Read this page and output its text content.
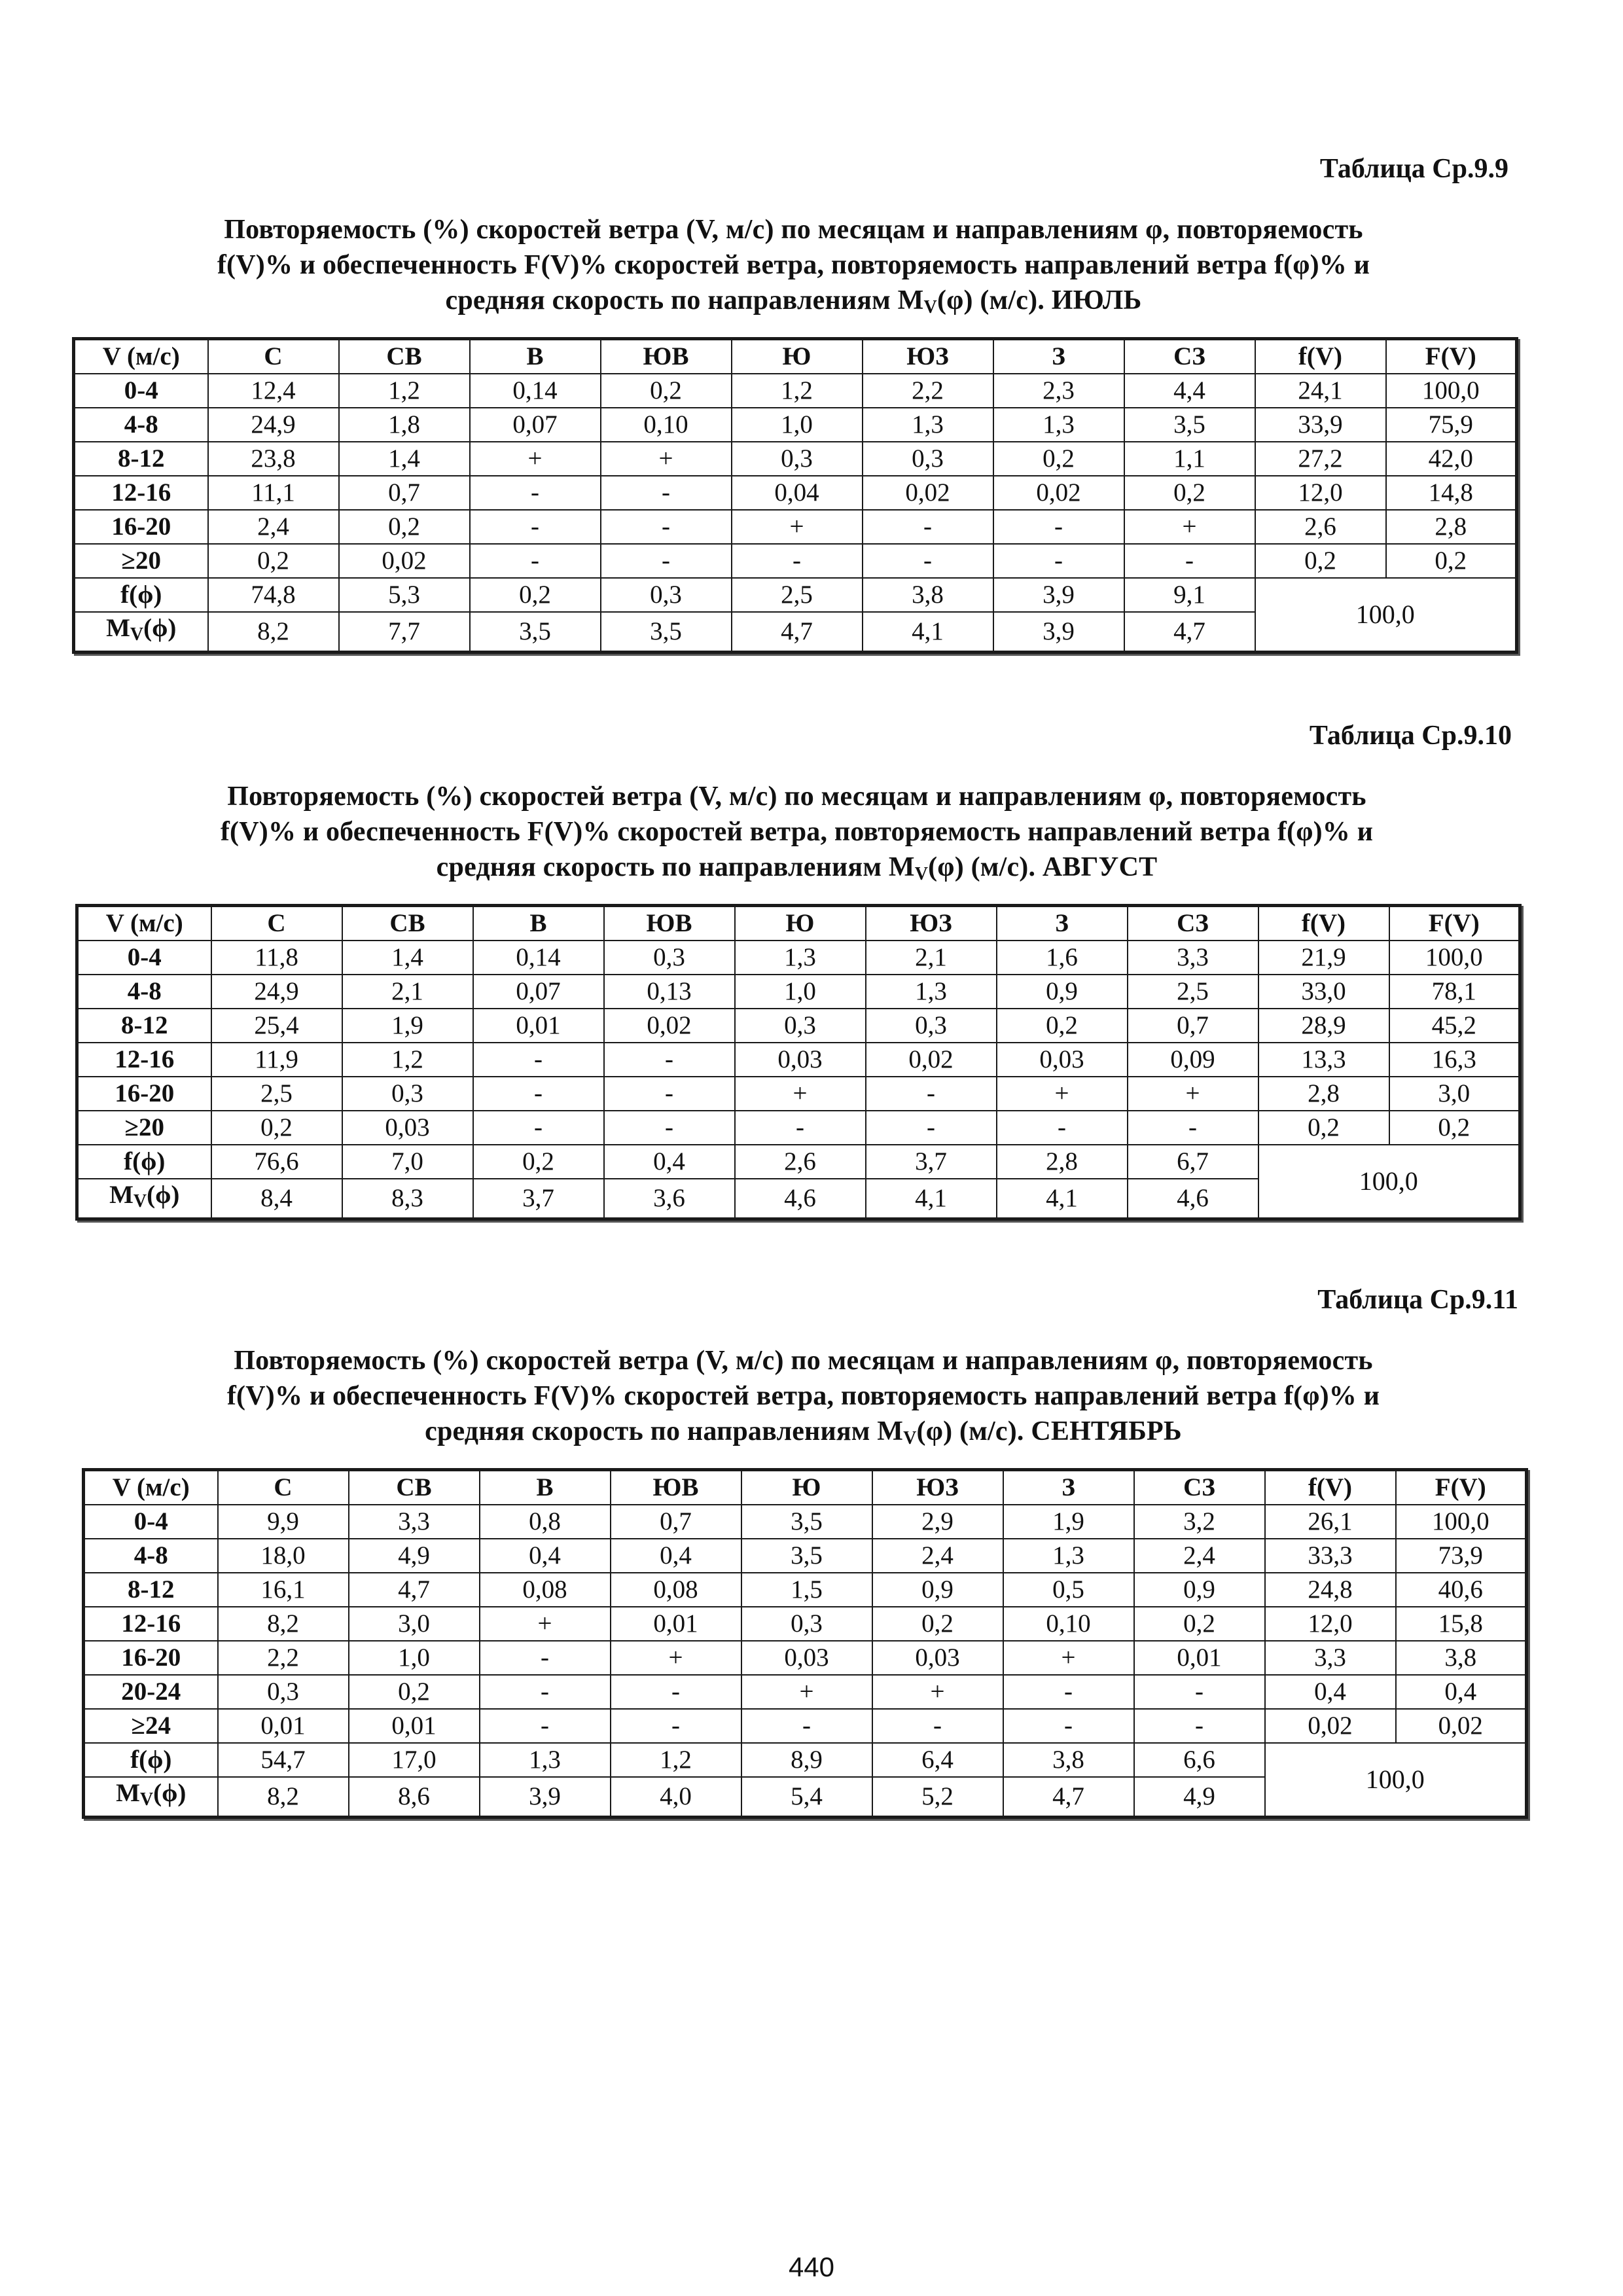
Таблица Ср.9.9
Повторяемость (%) скоростей ветра (V, м/с) по месяцам и направлениям φ, повторяемость
f(V)% и обеспеченность F(V)% скоростей ветра, повторяемость направлений ветра f(φ)% и
средняя скорость по направлениям $M_V(\varphi)$ (м/с). ИЮЛЬ
V (м/с)	С	СВ	В	ЮВ	Ю	ЮЗ	З	СЗ	f(V)	F(V)
0-4	12,4	1,2	0,14	0,2	1,2	2,2	2,3	4,4	24,1	100,0
4-8	24,9	1,8	0,07	0,10	1,0	1,3	1,3	3,5	33,9	75,9
8-12	23,8	1,4	+	+	0,3	0,3	0,2	1,1	27,2	42,0
12-16	11,1	0,7	-	-	0,04	0,02	0,02	0,2	12,0	14,8
16-20	2,4	0,2	-	-	+	-	-	+	2,6	2,8
≥20	0,2	0,02	-	-	-	-	-	-	0,2	0,2
f(ϕ)	74,8	5,3	0,2	0,3	2,5	3,8	3,9	9,1	100,0	
$M_V(\phi)$	8,2	7,7	3,5	3,5	4,7	4,1	3,9	4,7		
Таблица Ср.9.10
Повторяемость (%) скоростей ветра (V, м/с) по месяцам и направлениям φ, повторяемость
f(V)% и обеспеченность F(V)% скоростей ветра, повторяемость направлений ветра f(φ)% и
средняя скорость по направлениям $M_V(\varphi)$ (м/с). АВГУСТ
V (м/с)	С	СВ	В	ЮВ	Ю	ЮЗ	З	СЗ	f(V)	F(V)
0-4	11,8	1,4	0,14	0,3	1,3	2,1	1,6	3,3	21,9	100,0
4-8	24,9	2,1	0,07	0,13	1,0	1,3	0,9	2,5	33,0	78,1
8-12	25,4	1,9	0,01	0,02	0,3	0,3	0,2	0,7	28,9	45,2
12-16	11,9	1,2	-	-	0,03	0,02	0,03	0,09	13,3	16,3
16-20	2,5	0,3	-	-	+	-	+	+	2,8	3,0
≥20	0,2	0,03	-	-	-	-	-	-	0,2	0,2
f(ϕ)	76,6	7,0	0,2	0,4	2,6	3,7	2,8	6,7	100,0	
$M_V(\phi)$	8,4	8,3	3,7	3,6	4,6	4,1	4,1	4,6		
Таблица Ср.9.11
Повторяемость (%) скоростей ветра (V, м/с) по месяцам и направлениям φ, повторяемость
f(V)% и обеспеченность F(V)% скоростей ветра, повторяемость направлений ветра f(φ)% и
средняя скорость по направлениям $M_V(\varphi)$ (м/с). СЕНТЯБРЬ
V (м/с)	С	СВ	В	ЮВ	Ю	ЮЗ	З	СЗ	f(V)	F(V)
0-4	9,9	3,3	0,8	0,7	3,5	2,9	1,9	3,2	26,1	100,0
4-8	18,0	4,9	0,4	0,4	3,5	2,4	1,3	2,4	33,3	73,9
8-12	16,1	4,7	0,08	0,08	1,5	0,9	0,5	0,9	24,8	40,6
12-16	8,2	3,0	+	0,01	0,3	0,2	0,10	0,2	12,0	15,8
16-20	2,2	1,0	-	+	0,03	0,03	+	0,01	3,3	3,8
20-24	0,3	0,2	-	-	+	+	-	-	0,4	0,4
≥24	0,01	0,01	-	-	-	-	-	-	0,02	0,02
f(ϕ)	54,7	17,0	1,3	1,2	8,9	6,4	3,8	6,6	100,0	
$M_V(\phi)$	8,2	8,6	3,9	4,0	5,4	5,2	4,7	4,9		
440
